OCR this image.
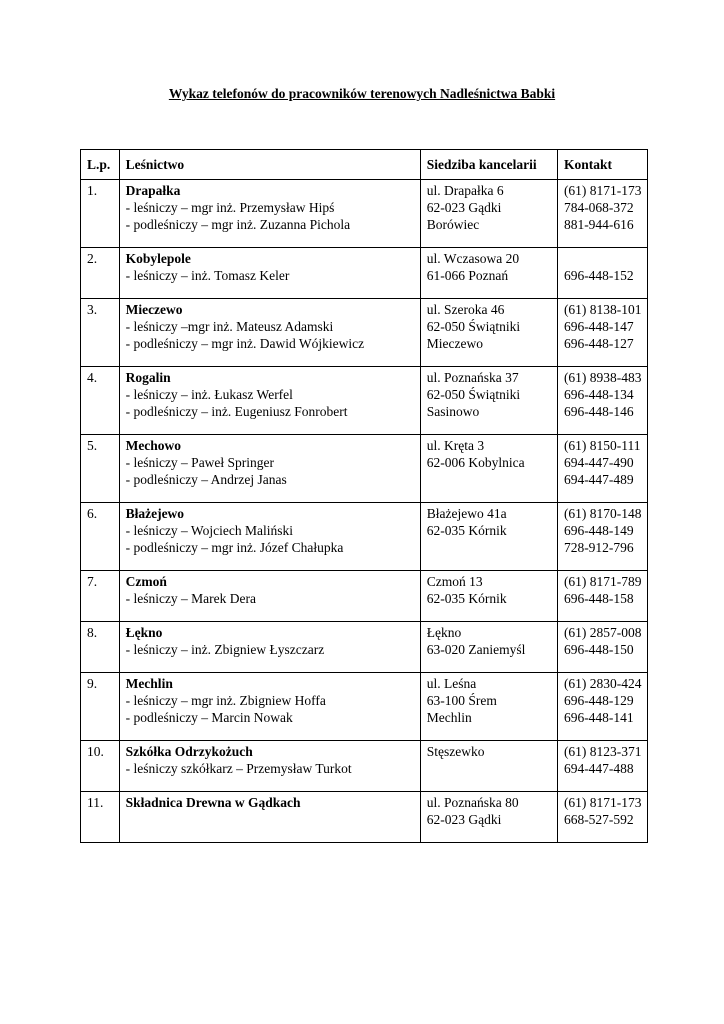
Wykaz telefonów do pracowników terenowych Nadleśnictwa Babki
L.p.	Leśnictwo	Siedziba kancelarii	Kontakt
1.	Drapałka
- leśniczy – mgr inż. Przemysław Hipś
- podleśniczy – mgr inż. Zuzanna Pichola	ul. Drapałka 6
62-023 Gądki
Borówiec	(61) 8171-173
784-068-372
881-944-616

2.	Kobylepole
- leśniczy – inż. Tomasz Keler	ul. Wczasowa 20
61-066 Poznań	696-448-152

3.	Mieczewo
- leśniczy –mgr inż. Mateusz Adamski
- podleśniczy – mgr inż. Dawid Wójkiewicz	ul. Szeroka 46
62-050 Świątniki
Mieczewo	(61) 8138-101
696-448-147
696-448-127

4.	Rogalin
- leśniczy – inż. Łukasz Werfel
- podleśniczy – inż. Eugeniusz Fonrobert	ul. Poznańska 37
62-050 Świątniki
Sasinowo	(61) 8938-483
696-448-134
696-448-146

5.	Mechowo
- leśniczy – Paweł Springer
- podleśniczy – Andrzej Janas	ul. Kręta 3
62-006 Kobylnica	(61) 8150-111
694-447-490
694-447-489

6.	Błażejewo
- leśniczy – Wojciech Maliński
- podleśniczy – mgr inż. Józef Chałupka	Błażejewo 41a
62-035 Kórnik	(61) 8170-148
696-448-149
728-912-796

7.	Czmoń
- leśniczy – Marek Dera	Czmoń 13
62-035 Kórnik	(61) 8171-789
696-448-158

8.	Łękno
- leśniczy – inż. Zbigniew Łyszczarz	Łękno
63-020 Zaniemyśl	(61) 2857-008
696-448-150

9.	Mechlin
- leśniczy – mgr inż. Zbigniew Hoffa
- podleśniczy – Marcin Nowak	ul. Leśna
63-100 Śrem
Mechlin	(61) 2830-424
696-448-129
696-448-141

10.	Szkółka Odrzykożuch
- leśniczy szkółkarz – Przemysław Turkot	Stęszewko	(61) 8123-371
694-447-488

11.	Składnica Drewna w Gądkach	ul. Poznańska 80
62-023 Gądki	(61) 8171-173
668-527-592
